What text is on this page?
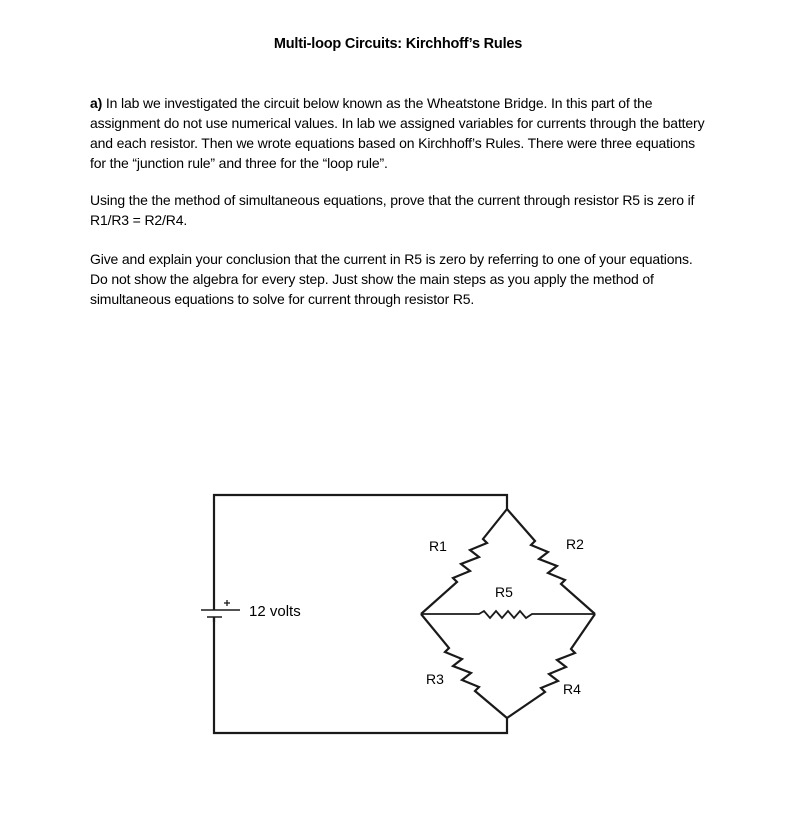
Multi-loop Circuits: Kirchhoff’s Rules

a) In lab we investigated the circuit below known as the Wheatstone Bridge. In this part of the assignment do not use numerical values. In lab we assigned variables for currents through the battery and each resistor. Then we wrote equations based on Kirchhoff’s Rules. There were three equations for the “junction rule” and three for the “loop rule”.

Using the the method of simultaneous equations, prove that the current through resistor R5 is zero if R1/R3 = R2/R4.

Give and explain your conclusion that the current in R5 is zero by referring to one of your equations. Do not show the algebra for every step. Just show the main steps as you apply the method of simultaneous equations to solve for current through resistor R5.

12 volts
R1	R2
R3
R4
R5
